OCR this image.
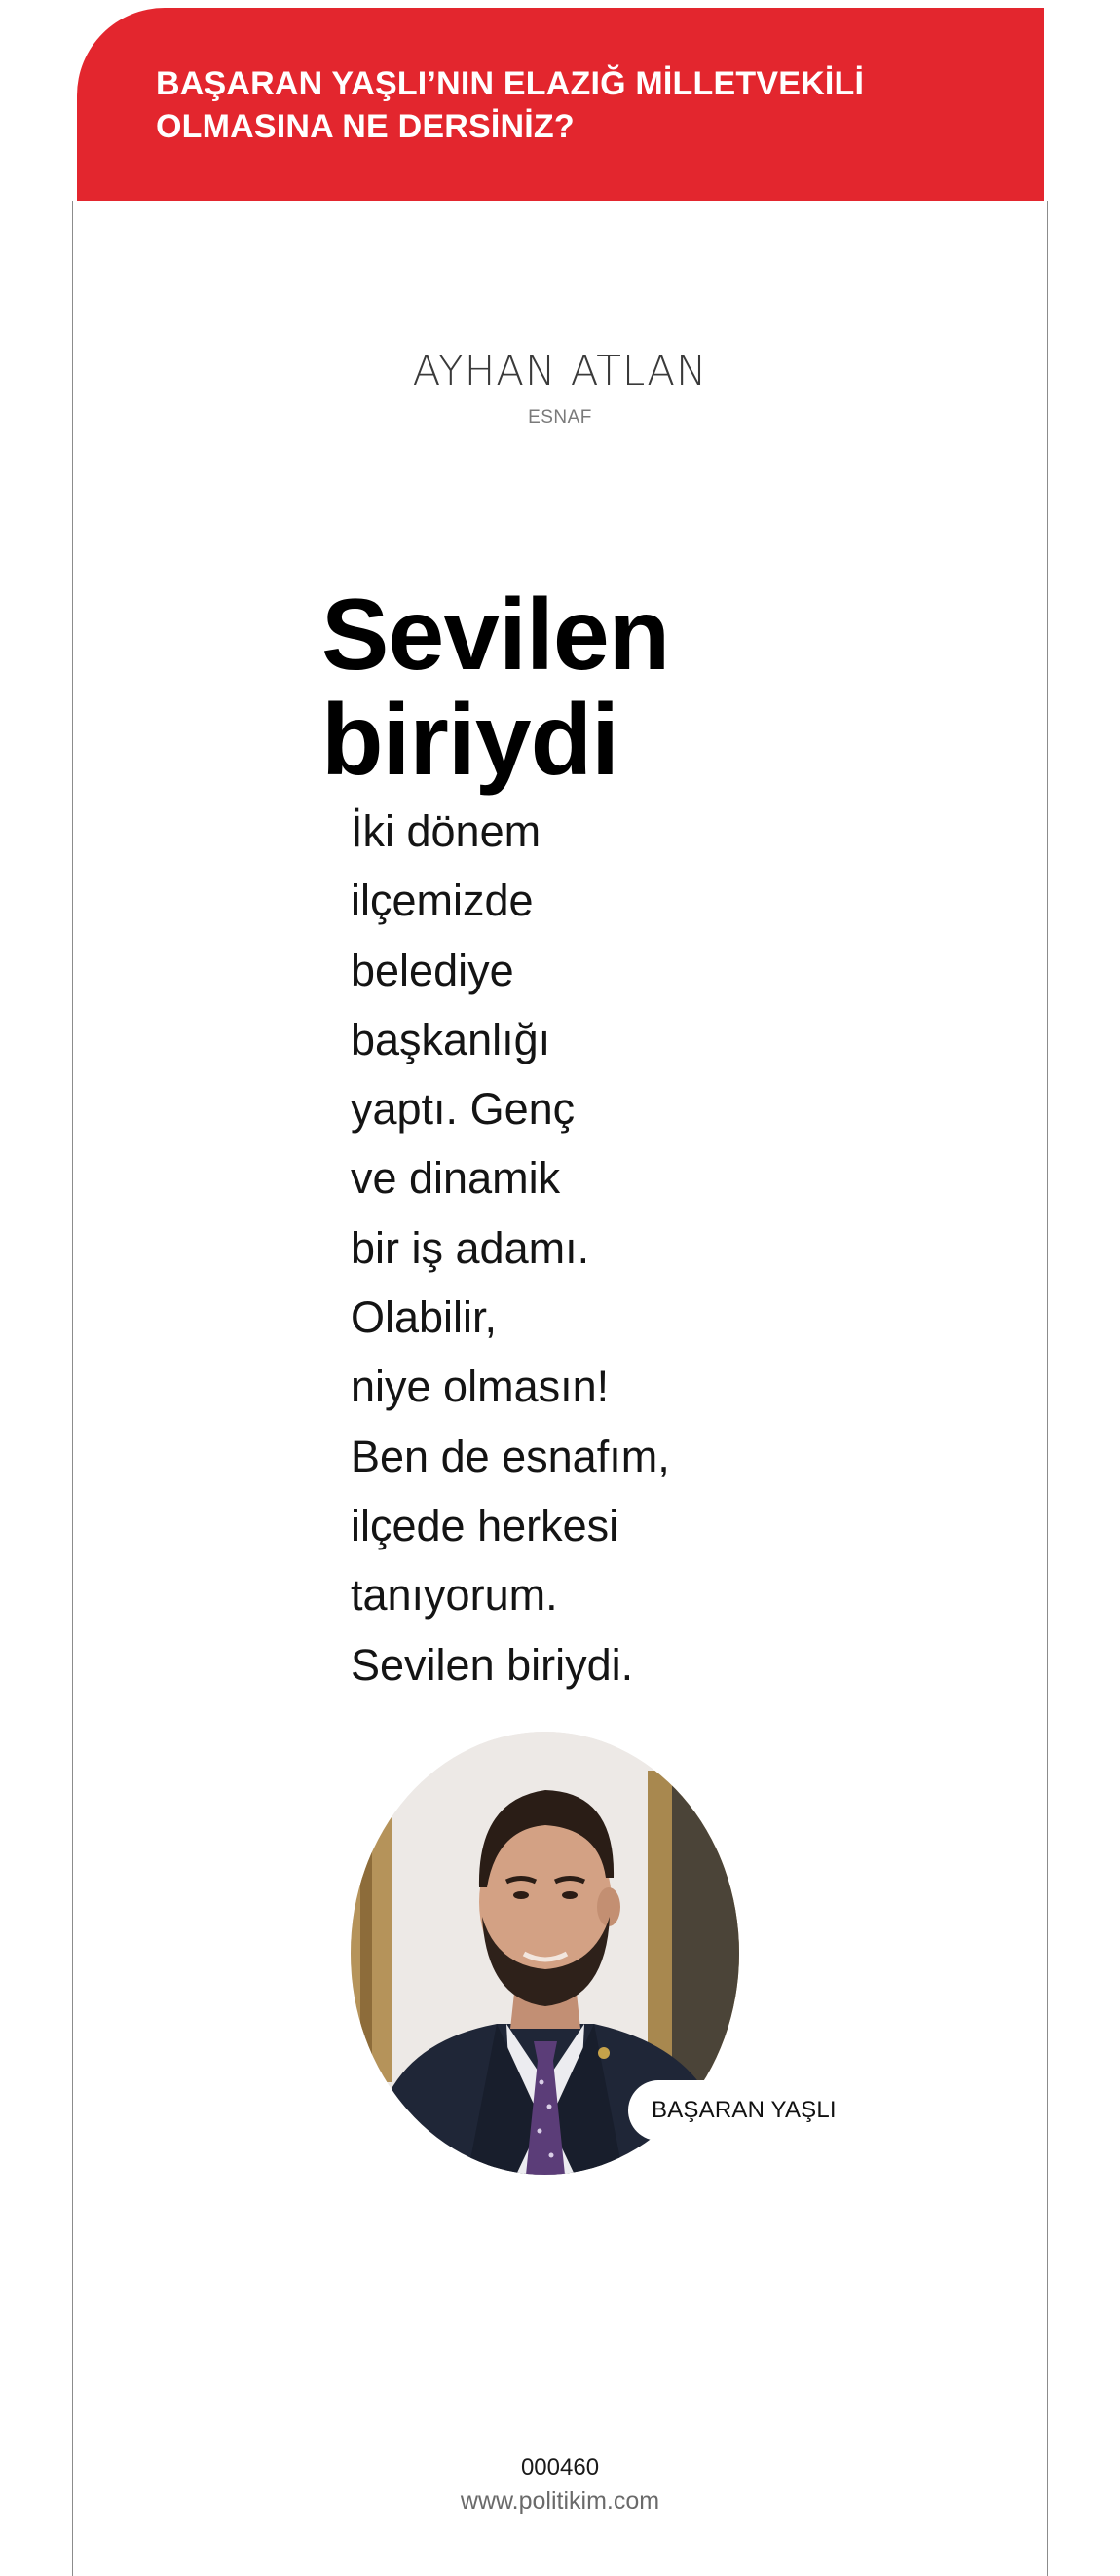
BAŞARAN YAŞLI’NIN ELAZIĞ MİLLETVEKİLİ
OLMASINA NE DERSİNİZ?
AYHAN ATLAN
ESNAF
Sevilen
biriydi

İki dönem
ilçemizde
belediye
başkanlığı
yaptı. Genç
ve dinamik
bir iş adamı.
Olabilir,
niye olmasın!
Ben de esnafım,
ilçede herkesi
tanıyorum.
Sevilen biriydi.

BAŞARAN YAŞLI
000460
www.politikim.com
